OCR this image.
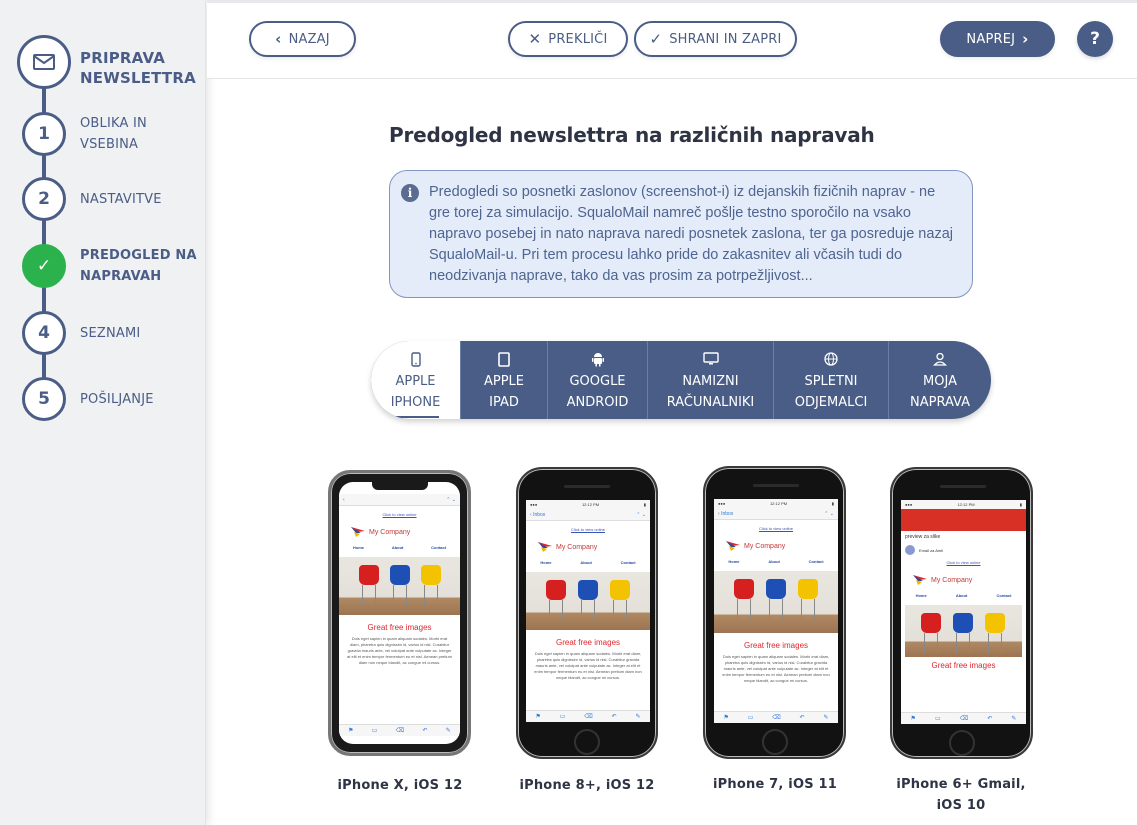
PRIPRAVA
NEWSLETTRA
1
OBLIKA IN
VSEBINA
2	NASTAVITVE
✓
PREDOGLED NA
NAPRAVAH
4	SEZNAMI
5	POŠILJANJE
‹ NAZAJ	✕ PREKLIČI	✓ SHRANI IN ZAPRI	NAPREJ ›	?
Predogled newslettra na različnih napravah
i	Predogledi so posnetki zaslonov (screenshot-i) iz dejanskih fizičnih naprav - ne gre torej za simulacijo. SqualoMail namreč pošlje testno sporočilo na vsako napravo posebej in nato naprava naredi posnetek zaslona, ter ga posreduje nazaj SqualoMail-u. Pri tem procesu lahko pride do zakasnitev ali včasih tudi do neodzivanja naprave, tako da vas prosim za potrpežljivost...
APPLE
IPHONE
APPLE
IPAD
GOOGLE
ANDROID
NAMIZNI
RAČUNALNIKI
SPLETNI
ODJEMALCI
MOJA
NAPRAVA
‹	⌃ ⌄
Click to view online
My Company
Home	About	Contact
Great free images
Duis eget sapien in quam aliquam sodales. Morbi erat diam, pharetra quis dignissim id, varius id nisl. Curabitur gravida mauris ante, vel volutpat ante vulputate ac. Integer at elit et enim tempor fermentum eu et nisl. Aenean pretium diam non neque blandit, ac congue mi cursus.
⚑	▭	⌫	↶	✎
iPhone X, iOS 12
●●●	12:12 PM	▮
‹ Inbox	⌃ ⌄
Click to view online
My Company
Home	About	Contact
Great free images
Duis eget sapien in quam aliquam sodales. Morbi erat diam, pharetra quis dignissim id, varius id nisl. Curabitur gravida mauris ante, vel volutpat ante vulputate ac. Integer at elit et enim tempor fermentum eu et nisl. Aenean pretium diam non neque blandit, ac congue mi cursus.
⚑	▭	⌫	↶	✎
iPhone 8+, iOS 12
●●●	12:12 PM	▮
‹ Inbox	⌃ ⌄
Click to view online
My Company
Home	About	Contact
Great free images
Duis eget sapien in quam aliquam sodales. Morbi erat diam, pharetra quis dignissim id, varius id nisl. Curabitur gravida mauris ante, vel volutpat ante vulputate ac. Integer at elit et enim tempor fermentum eu et nisl. Aenean pretium diam non neque blandit, ac congue mi cursus.
⚑	▭	⌫	↶	✎
iPhone 7, iOS 11
●●●	12:12 PM	▮
preview za slike
Email za Amil
Click to view online
My Company
Home	About	Contact
Great free images
⚑	▭	⌫	↶	✎
iPhone 6+ Gmail,
iOS 10
